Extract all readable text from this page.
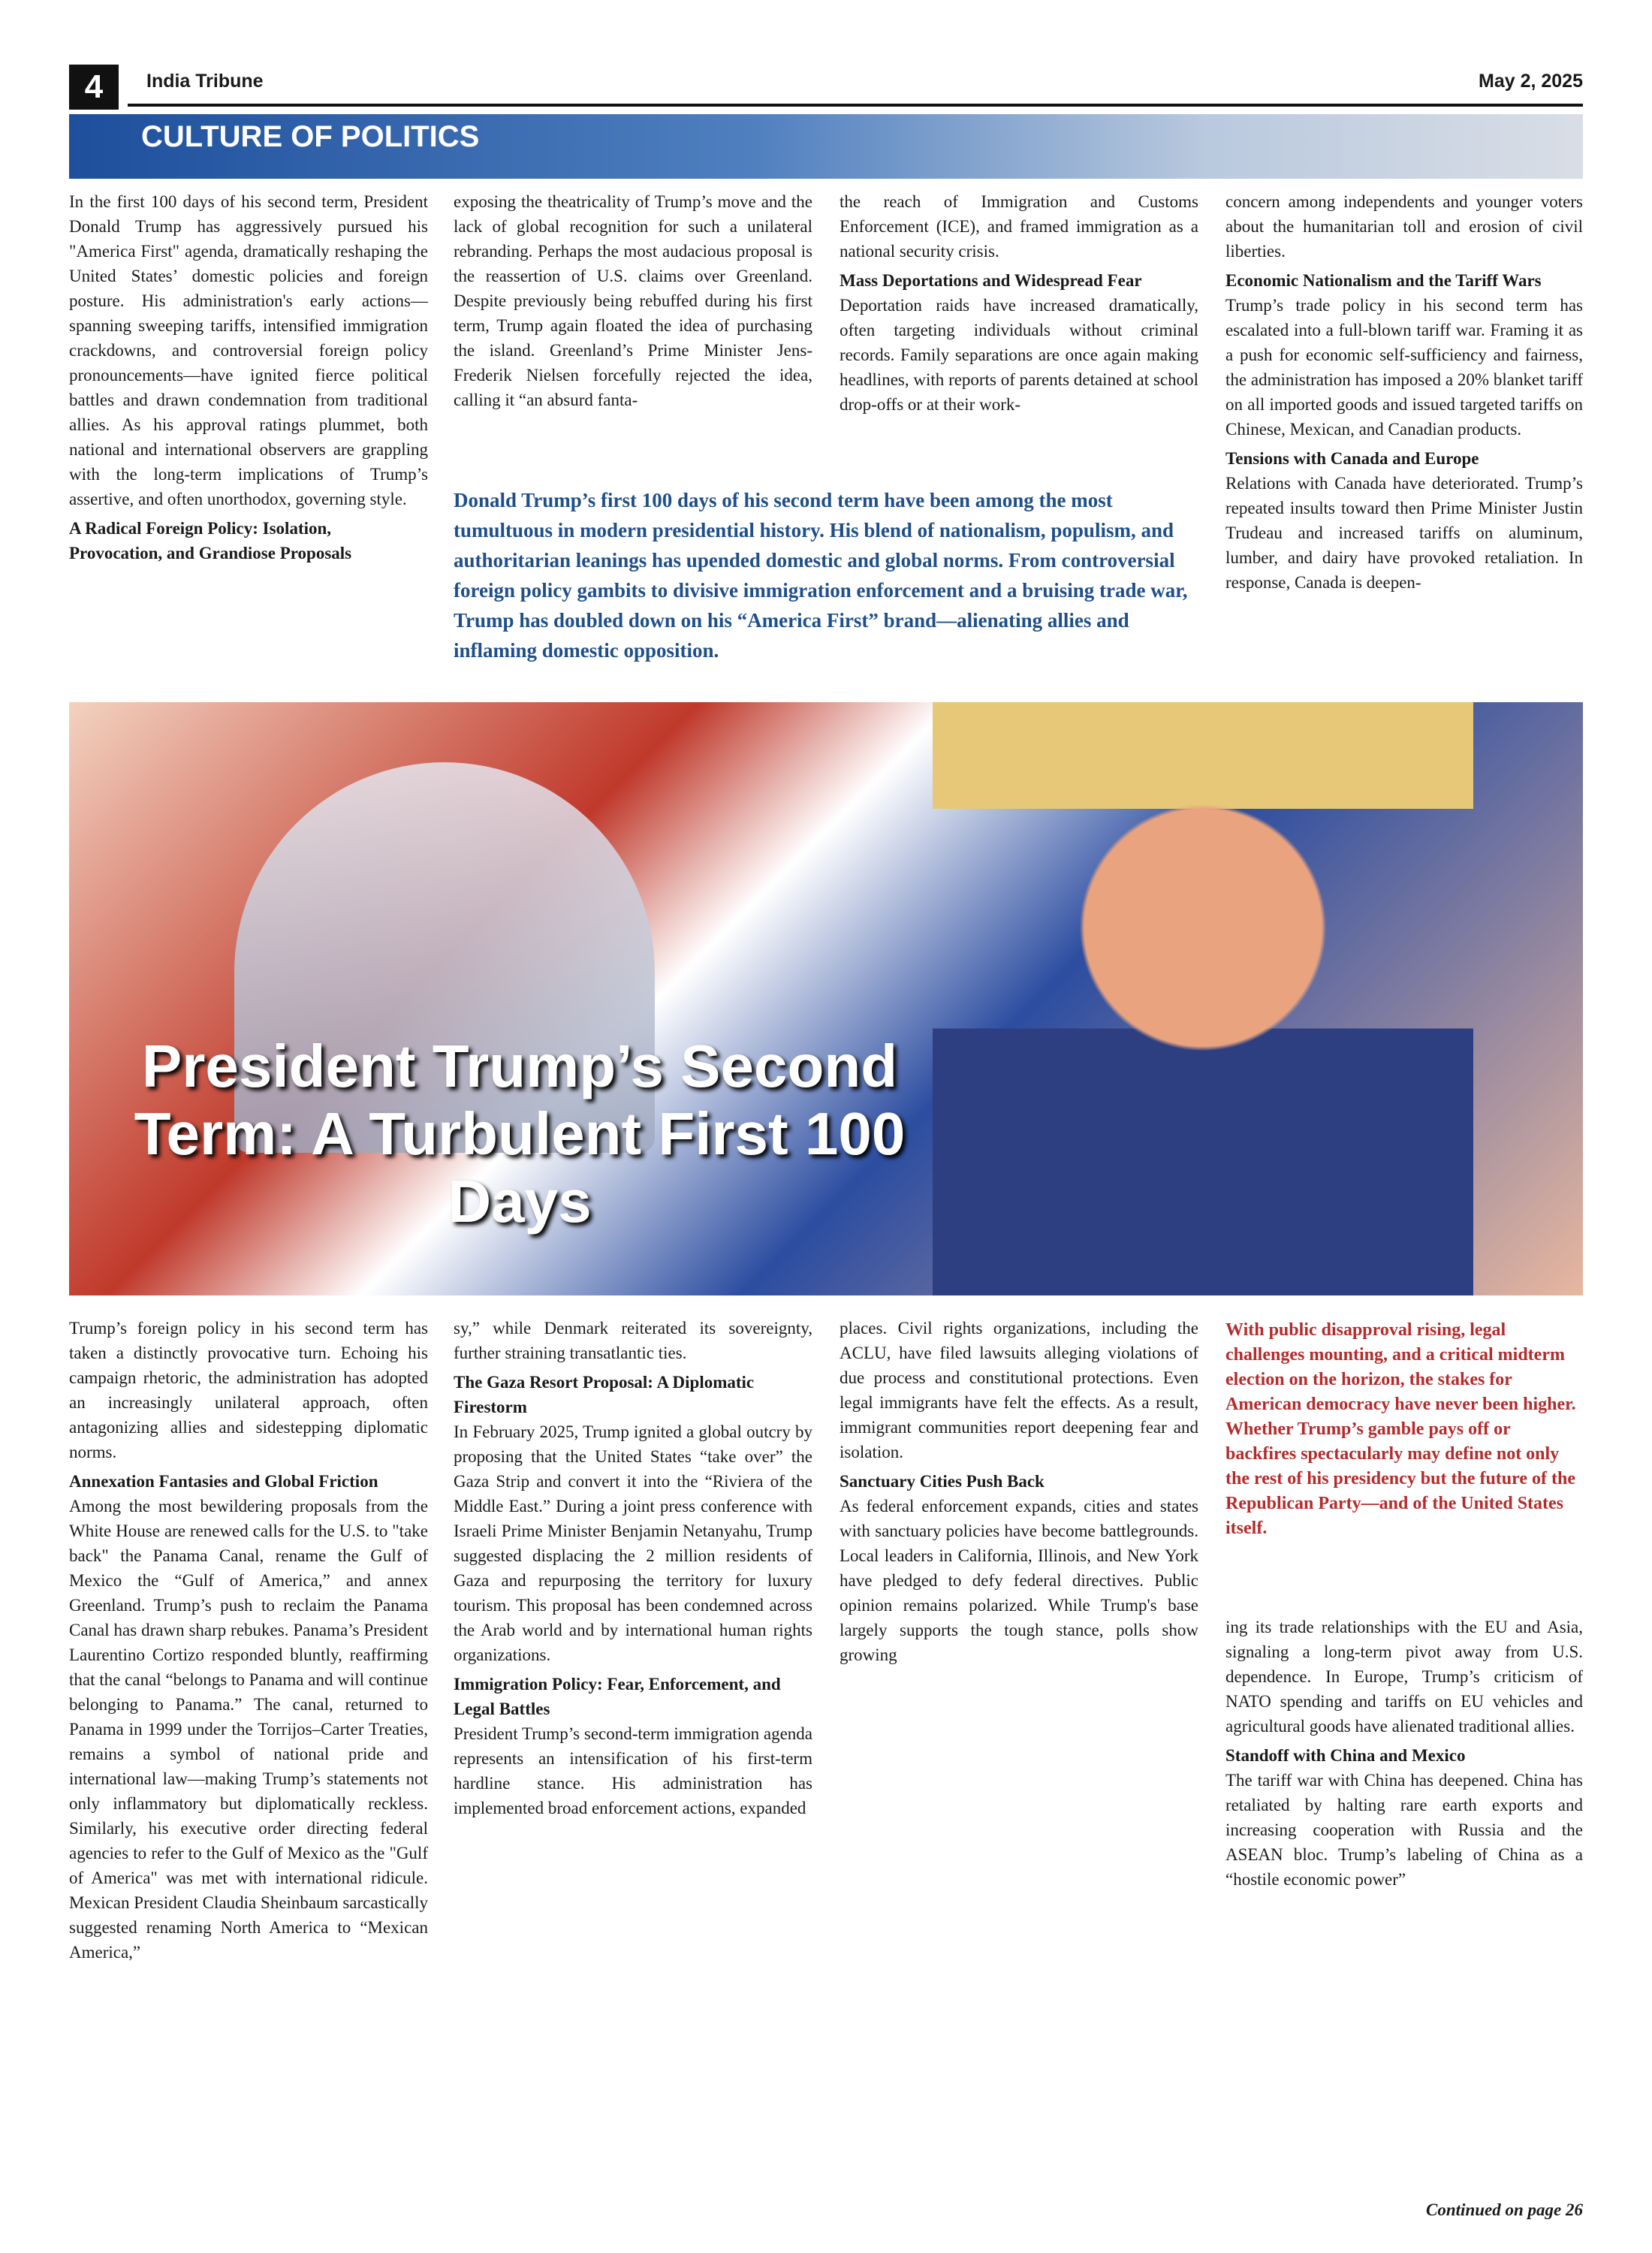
4	India Tribune	May 2, 2025
CULTURE OF POLITICS

In the first 100 days of his second term, President Donald Trump has aggressively pursued his "America First" agenda, dramatically reshaping the United States’ domestic policies and foreign posture. His administration's early actions—spanning sweeping tariffs, intensified immigration crackdowns, and controversial foreign policy pronouncements—have ignited fierce political battles and drawn condemnation from traditional allies. As his approval ratings plummet, both national and international observers are grappling with the long-term implications of Trump’s assertive, and often unorthodox, governing style.

A Radical Foreign Policy: Isolation, Provocation, and Grandiose Proposals

exposing the theatricality of Trump’s move and the lack of global recognition for such a unilateral rebranding. Perhaps the most audacious proposal is the reassertion of U.S. claims over Greenland. Despite previously being rebuffed during his first term, Trump again floated the idea of purchasing the island. Greenland’s Prime Minister Jens-Frederik Nielsen forcefully rejected the idea, calling it “an absurd fanta-

the reach of Immigration and Customs Enforcement (ICE), and framed immigration as a national security crisis.

Mass Deportations and Widespread Fear

Deportation raids have increased dramatically, often targeting individuals without criminal records. Family separations are once again making headlines, with reports of parents detained at school drop-offs or at their work-

concern among independents and younger voters about the humanitarian toll and erosion of civil liberties.

Economic Nationalism and the Tariff Wars

Trump’s trade policy in his second term has escalated into a full-blown tariff war. Framing it as a push for economic self-sufficiency and fairness, the administration has imposed a 20% blanket tariff on all imported goods and issued targeted tariffs on Chinese, Mexican, and Canadian products.

Tensions with Canada and Europe

Relations with Canada have deteriorated. Trump’s repeated insults toward then Prime Minister Justin Trudeau and increased tariffs on aluminum, lumber, and dairy have provoked retaliation. In response, Canada is deepen-

Donald Trump’s first 100 days of his second term have been among the most tumultuous in modern presidential history. His blend of nationalism, populism, and authoritarian leanings has upended domestic and global norms. From controversial foreign policy gambits to divisive immigration enforcement and a bruising trade war, Trump has doubled down on his “America First” brand—alienating allies and inflaming domestic opposition.
President Trump’s Second Term: A Turbulent First 100 Days

Trump’s foreign policy in his second term has taken a distinctly provocative turn. Echoing his campaign rhetoric, the administration has adopted an increasingly unilateral approach, often antagonizing allies and sidestepping diplomatic norms.

Annexation Fantasies and Global Friction

Among the most bewildering proposals from the White House are renewed calls for the U.S. to "take back" the Panama Canal, rename the Gulf of Mexico the “Gulf of America,” and annex Greenland. Trump’s push to reclaim the Panama Canal has drawn sharp rebukes. Panama’s President Laurentino Cortizo responded bluntly, reaffirming that the canal “belongs to Panama and will continue belonging to Panama.” The canal, returned to Panama in 1999 under the Torrijos–Carter Treaties, remains a symbol of national pride and international law—making Trump’s statements not only inflammatory but diplomatically reckless. Similarly, his executive order directing federal agencies to refer to the Gulf of Mexico as the "Gulf of America" was met with international ridicule. Mexican President Claudia Sheinbaum sarcastically suggested renaming North America to “Mexican America,”

sy,” while Denmark reiterated its sovereignty, further straining transatlantic ties.

The Gaza Resort Proposal: A Diplomatic Firestorm

In February 2025, Trump ignited a global outcry by proposing that the United States “take over” the Gaza Strip and convert it into the “Riviera of the Middle East.” During a joint press conference with Israeli Prime Minister Benjamin Netanyahu, Trump suggested displacing the 2 million residents of Gaza and repurposing the territory for luxury tourism. This proposal has been condemned across the Arab world and by international human rights organizations.

Immigration Policy: Fear, Enforcement, and Legal Battles

President Trump’s second-term immigration agenda represents an intensification of his first-term hardline stance. His administration has implemented broad enforcement actions, expanded

places. Civil rights organizations, including the ACLU, have filed lawsuits alleging violations of due process and constitutional protections. Even legal immigrants have felt the effects. As a result, immigrant communities report deepening fear and isolation.

Sanctuary Cities Push Back

As federal enforcement expands, cities and states with sanctuary policies have become battlegrounds. Local leaders in California, Illinois, and New York have pledged to defy federal directives. Public opinion remains polarized. While Trump's base largely supports the tough stance, polls show growing

With public disapproval rising, legal challenges mounting, and a critical midterm election on the horizon, the stakes for American democracy have never been higher. Whether Trump’s gamble pays off or backfires spectacularly may define not only the rest of his presidency but the future of the Republican Party—and of the United States itself.

ing its trade relationships with the EU and Asia, signaling a long-term pivot away from U.S. dependence. In Europe, Trump’s criticism of NATO spending and tariffs on EU vehicles and agricultural goods have alienated traditional allies.

Standoff with China and Mexico

The tariff war with China has deepened. China has retaliated by halting rare earth exports and increasing cooperation with Russia and the ASEAN bloc. Trump’s labeling of China as a “hostile economic power”

Continued on page 26
